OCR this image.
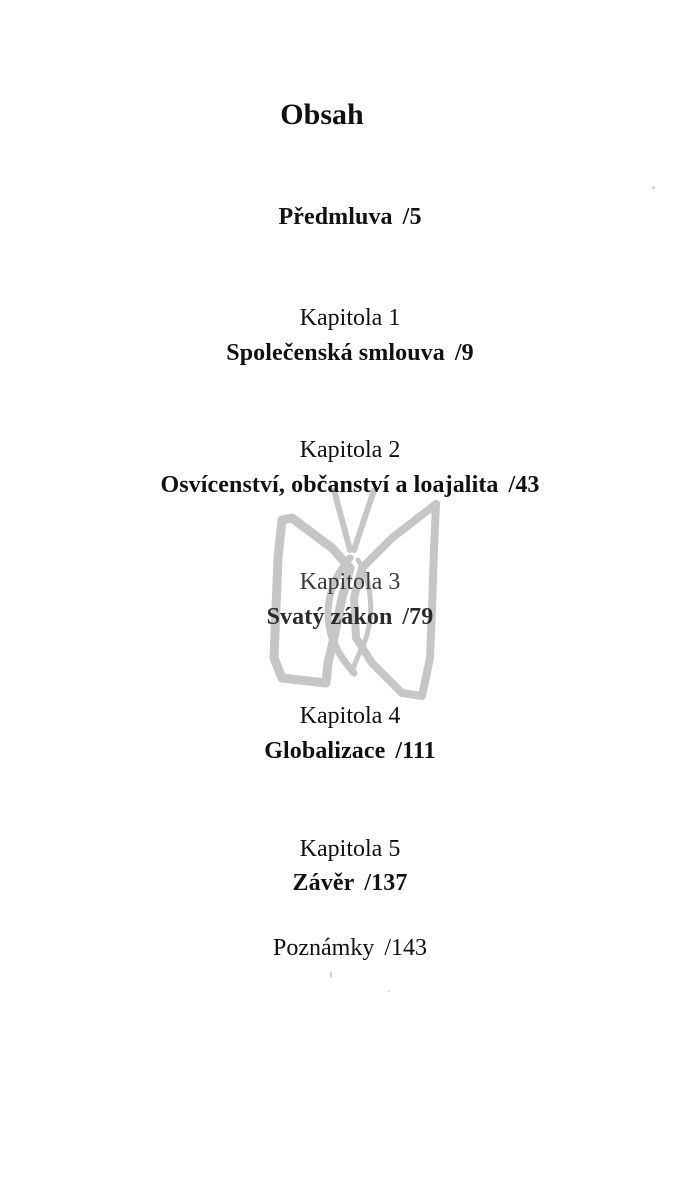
Obsah
Předmluva /5
Kapitola 1
Společenská smlouva /9
Kapitola 2
Osvícenství, občanství a loajalita /43
Kapitola 3
Svatý zákon /79
Kapitola 4
Globalizace /111
Kapitola 5
Závěr /137
Poznámky /143
